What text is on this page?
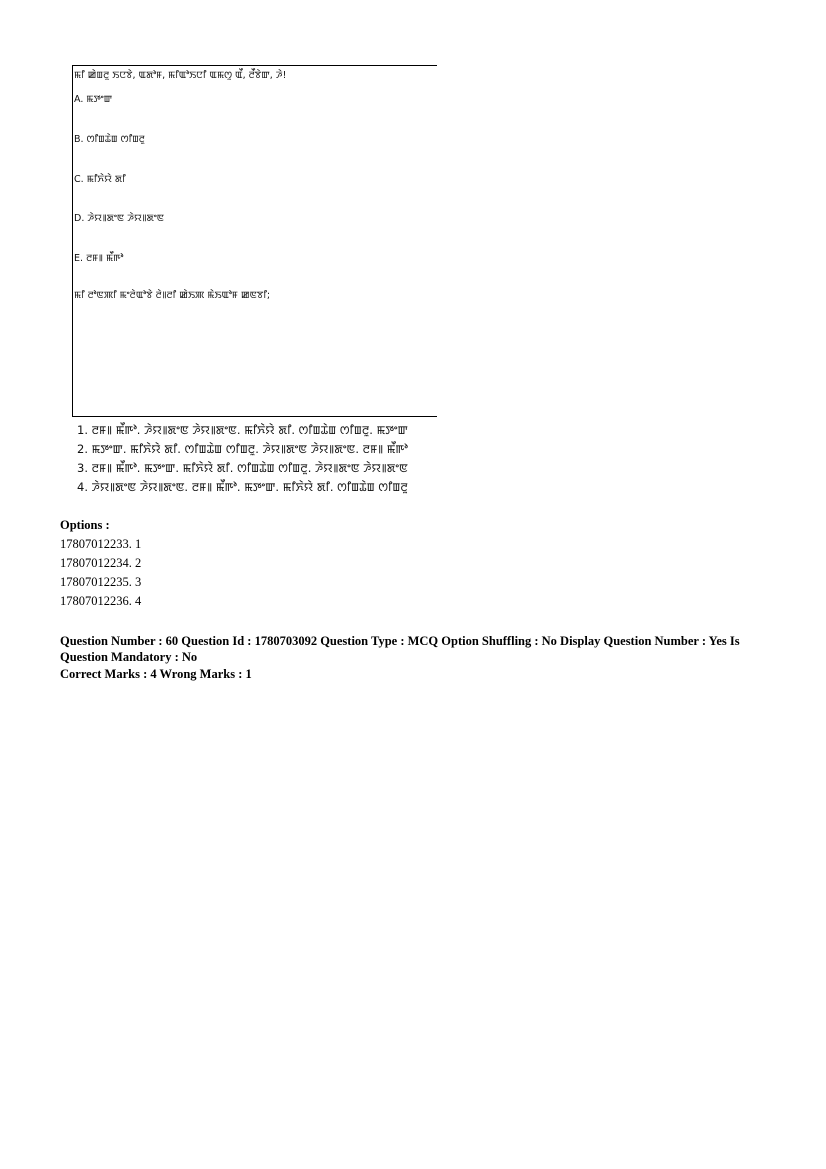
ꯃꯤ ꯀꯥꯡꯂꯨ ꯏꯅꯕꯥ, ꯑꯗꯣꯝ, ꯃꯤꯑꯣꯏꯅꯤ ꯑꯃꯁꯨ ꯑꯩ, ꯂꯩꯕꯥꯛ, ꯍꯥ!
A. ꯃꯇꯦꯛ
B. ꯁꯤꯡꯊꯥꯡ ꯁꯤꯡꯂꯨ
C. ꯃꯤꯈꯥꯌꯥ ꯗꯤ
D. ꯍꯥꯌ꯫ꯗꯦꯟ ꯍꯥꯌ꯫ꯗꯦꯟ
E. ꯂꯝ꯫ ꯃꯩꯒꯣ
ꯃꯤ ꯂꯣꯟꯄꯤ ꯃꯦꯂꯥꯑꯣꯕꯥ ꯂꯥ꯫ꯂꯤ ꯀꯥꯏꯄ ꯃꯥꯏꯑꯣꯝ ꯀꯟꯕꯤ;
1. ꯂꯝ꯫ ꯃꯩꯒꯣ. ꯍꯥꯌ꯫ꯗꯦꯟ ꯍꯥꯌ꯫ꯗꯦꯟ. ꯃꯤꯈꯥꯌꯥ ꯗꯤ. ꯁꯤꯡꯊꯥꯡ ꯁꯤꯡꯂꯨ. ꯃꯇꯦꯛ
2. ꯃꯇꯦꯛ. ꯃꯤꯈꯥꯌꯥ ꯗꯤ. ꯁꯤꯡꯊꯥꯡ ꯁꯤꯡꯂꯨ. ꯍꯥꯌ꯫ꯗꯦꯟ ꯍꯥꯌ꯫ꯗꯦꯟ. ꯂꯝ꯫ ꯃꯩꯒꯣ
3. ꯂꯝ꯫ ꯃꯩꯒꯣ. ꯃꯇꯦꯛ. ꯃꯤꯈꯥꯌꯥ ꯗꯤ. ꯁꯤꯡꯊꯥꯡ ꯁꯤꯡꯂꯨ. ꯍꯥꯌ꯫ꯗꯦꯟ ꯍꯥꯌ꯫ꯗꯦꯟ
4. ꯍꯥꯌ꯫ꯗꯦꯟ ꯍꯥꯌ꯫ꯗꯦꯟ. ꯂꯝ꯫ ꯃꯩꯒꯣ. ꯃꯇꯦꯛ. ꯃꯤꯈꯥꯌꯥ ꯗꯤ. ꯁꯤꯡꯊꯥꯡ ꯁꯤꯡꯂꯨ
Options :
17807012233. 1
17807012234. 2
17807012235. 3
17807012236. 4
Question Number : 60 Question Id : 1780703092 Question Type : MCQ Option Shuffling : No Display Question Number : Yes Is Question Mandatory : No
Correct Marks : 4 Wrong Marks : 1
